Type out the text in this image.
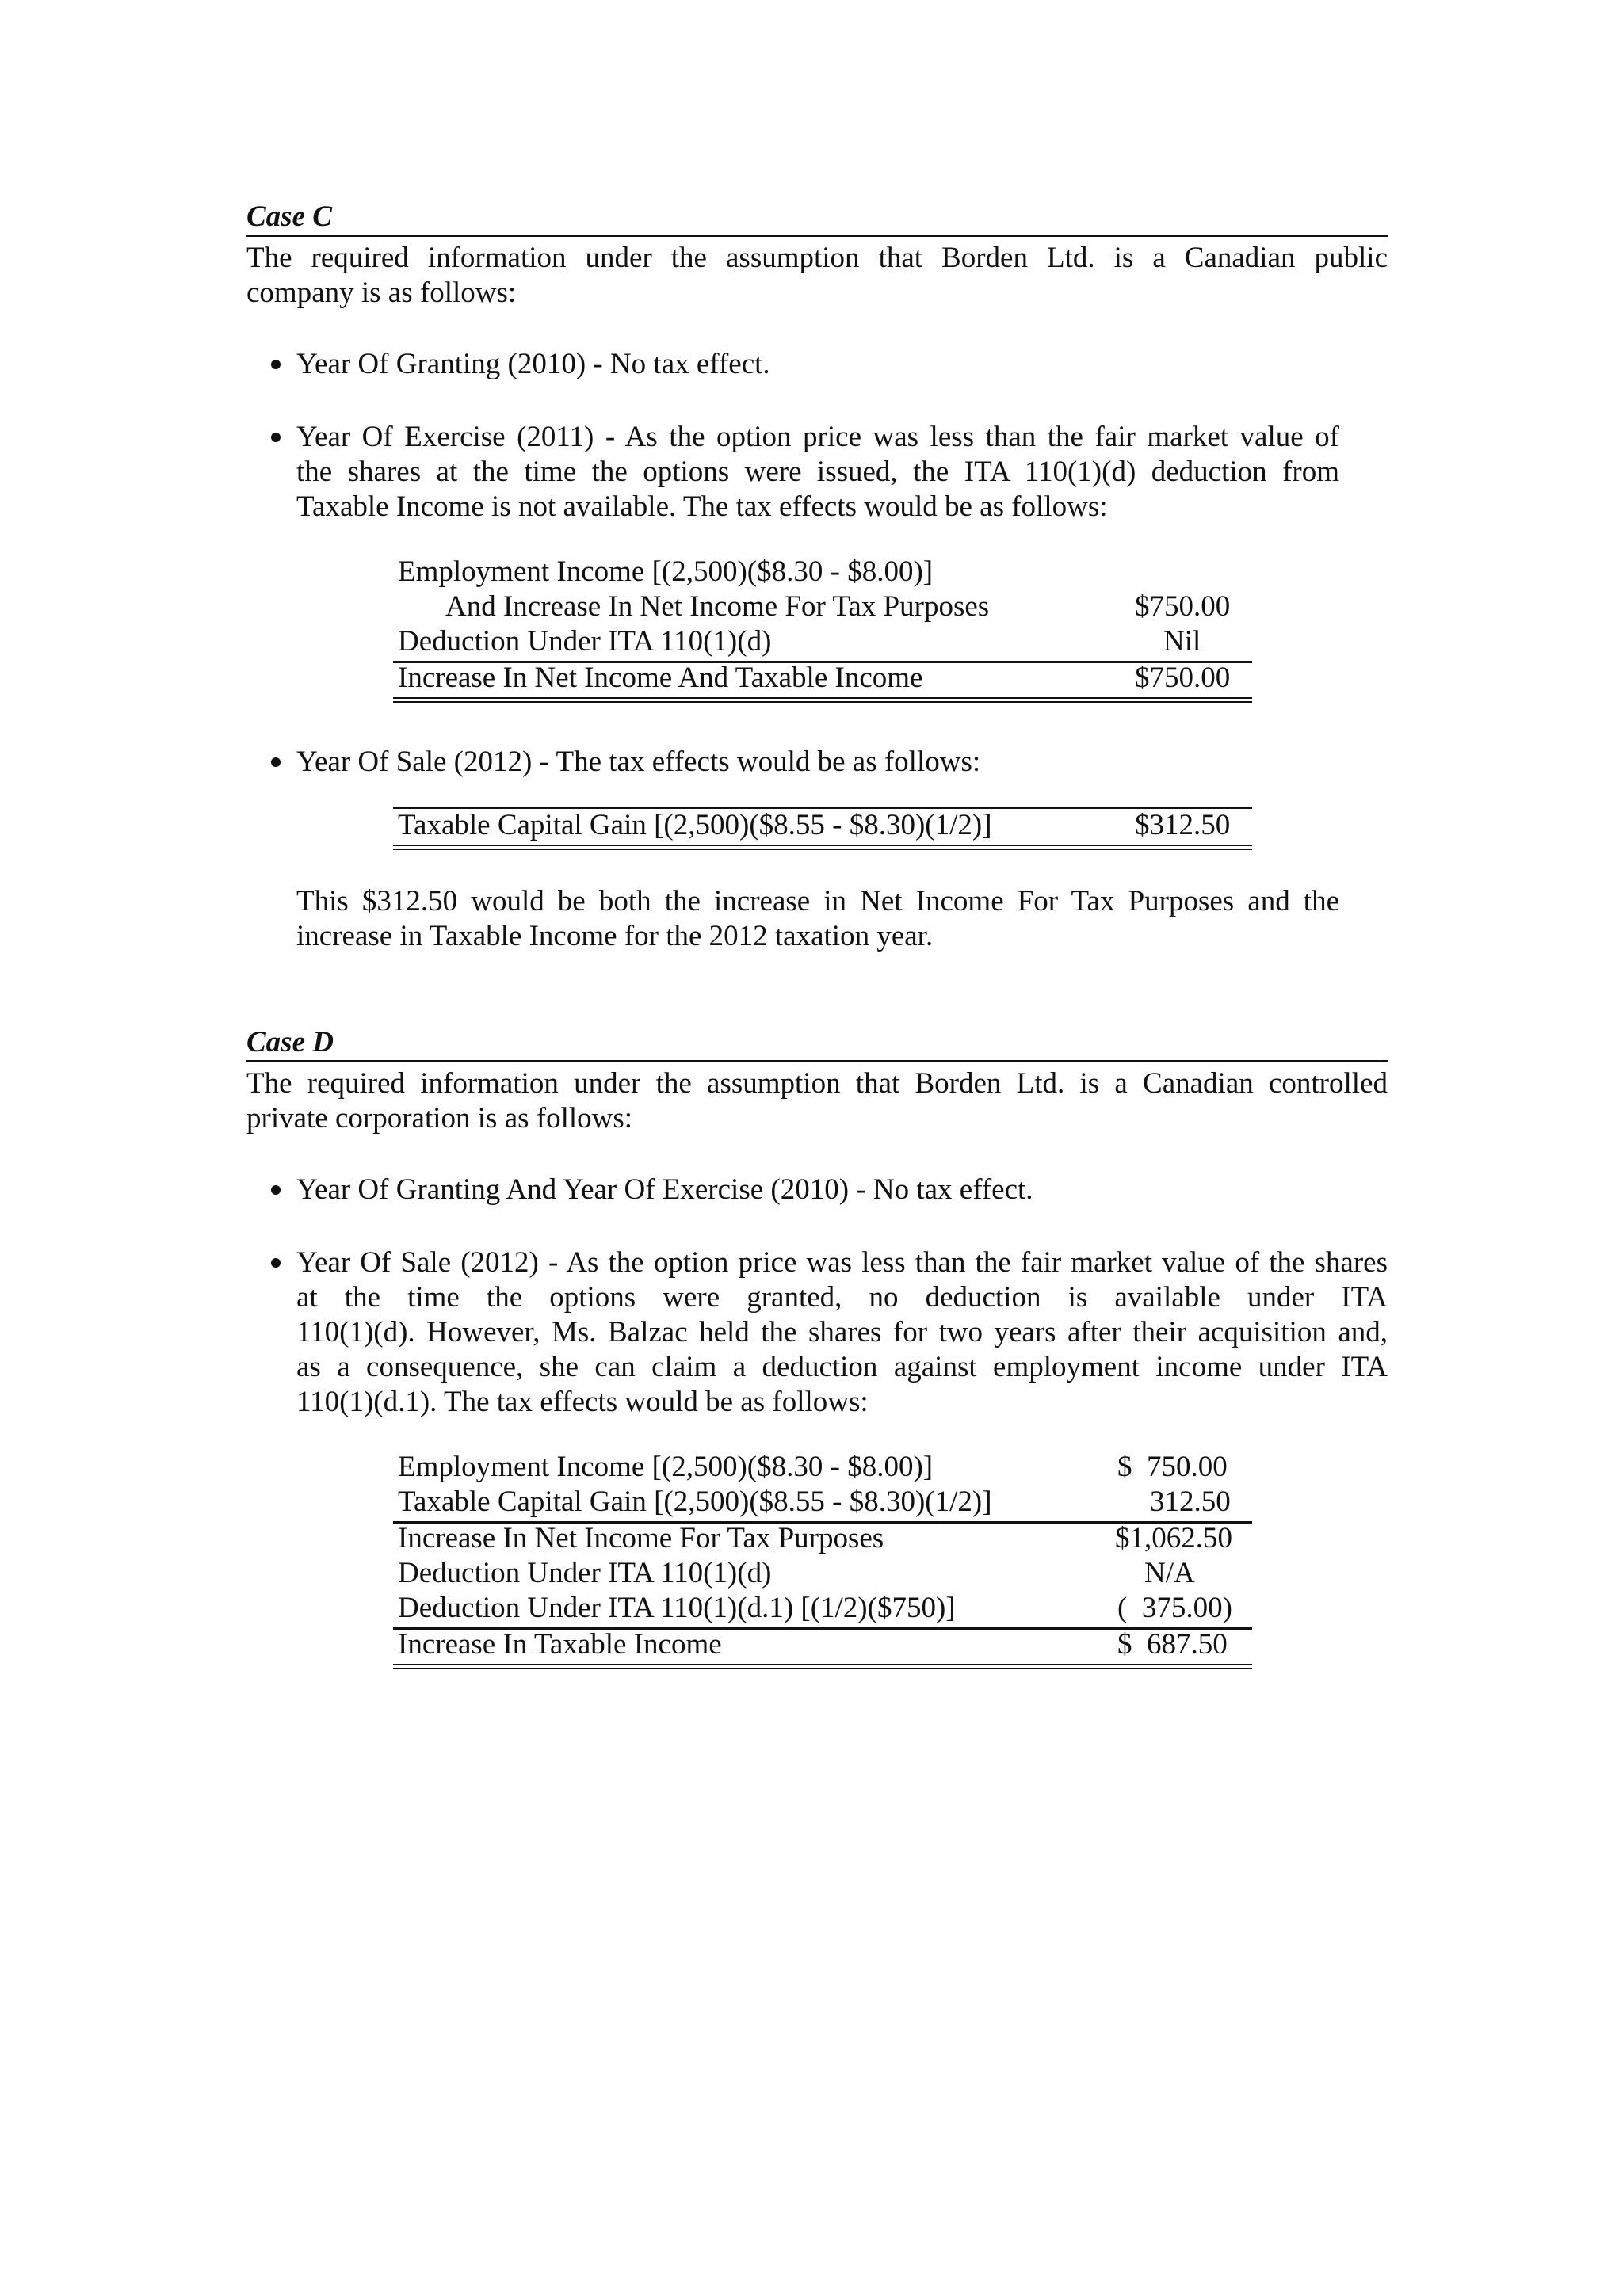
Case C
The required information under the assumption that Borden Ltd. is a Canadian public
company is as follows:
Year Of Granting (2010) - No tax effect.
Year Of Exercise (2011) - As the option price was less than the fair market value of
the shares at the time the options were issued, the ITA 110(1)(d) deduction from
Taxable Income is not available. The tax effects would be as follows:
Employment Income [(2,500)($8.30 - $8.00)]
And Increase In Net Income For Tax Purposes	$750.00
Deduction Under ITA 110(1)(d)	Nil
Increase In Net Income And Taxable Income	$750.00
Year Of Sale (2012) - The tax effects would be as follows:
Taxable Capital Gain [(2,500)($8.55 - $8.30)(1/2)]	$312.50
This $312.50 would be both the increase in Net Income For Tax Purposes and the
increase in Taxable Income for the 2012 taxation year.
Case D
The required information under the assumption that Borden Ltd. is a Canadian controlled
private corporation is as follows:
Year Of Granting And Year Of Exercise (2010) - No tax effect.
Year Of Sale (2012) - As the option price was less than the fair market value of the shares
at the time the options were granted, no deduction is available under ITA
110(1)(d). However, Ms. Balzac held the shares for two years after their acquisition and,
as a consequence, she can claim a deduction against employment income under ITA
110(1)(d.1). The tax effects would be as follows:
Employment Income [(2,500)($8.30 - $8.00)]	$  750.00
Taxable Capital Gain [(2,500)($8.55 - $8.30)(1/2)]	312.50
Increase In Net Income For Tax Purposes	$1,062.50
Deduction Under ITA 110(1)(d)	N/A
Deduction Under ITA 110(1)(d.1) [(1/2)($750)]	(  375.00)
Increase In Taxable Income	$  687.50
